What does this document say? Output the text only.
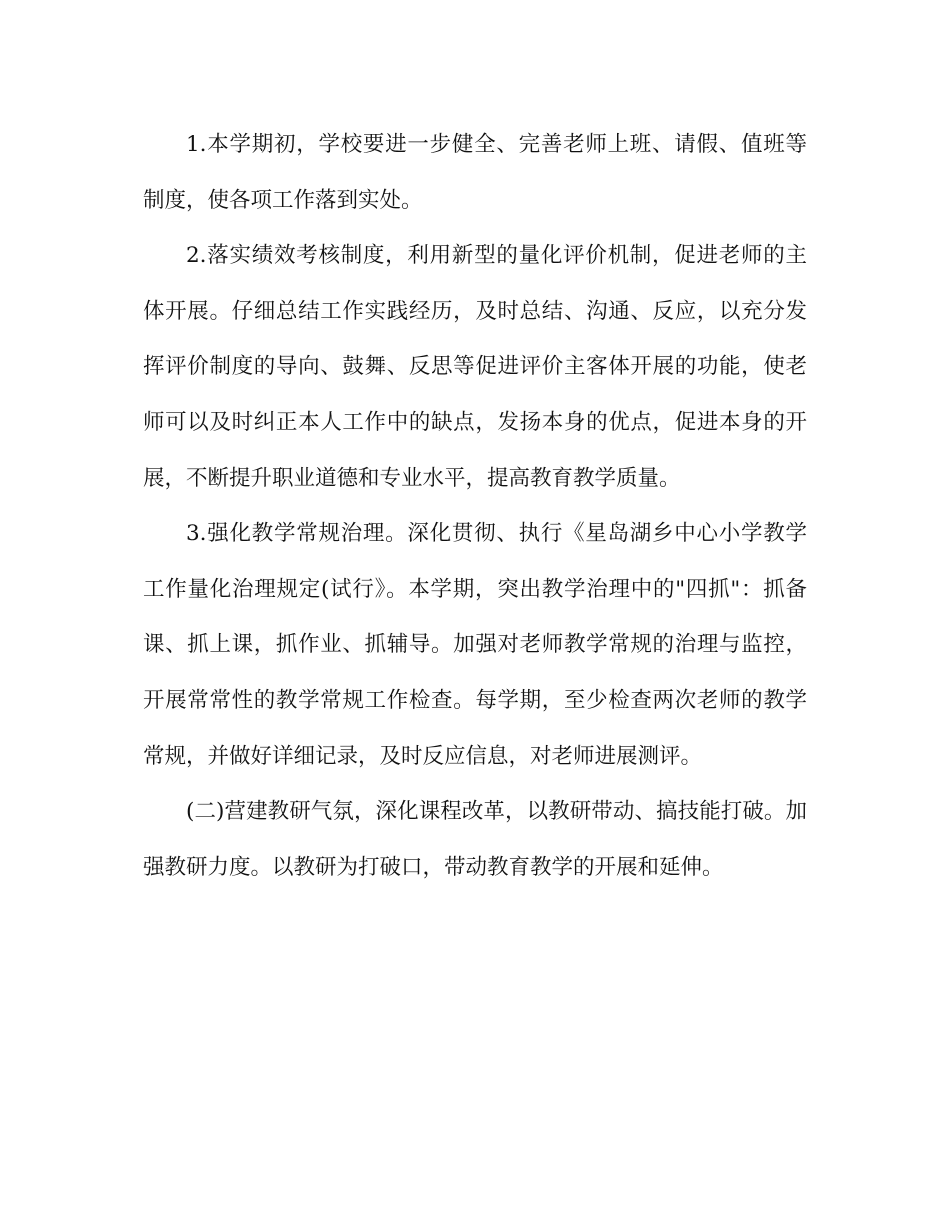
1.本学期初，学校要进一步健全、完善老师上班、请假、值班等制度，使各项工作落到实处。

2.落实绩效考核制度，利用新型的量化评价机制，促进老师的主体开展。仔细总结工作实践经历，及时总结、沟通、反应，以充分发挥评价制度的导向、鼓舞、反思等促进评价主客体开展的功能，使老师可以及时纠正本人工作中的缺点，发扬本身的优点，促进本身的开展，不断提升职业道德和专业水平，提高教育教学质量。

3.强化教学常规治理。深化贯彻、执行《星岛湖乡中心小学教学工作量化治理规定(试行》。本学期，突出教学治理中的"四抓"：抓备课、抓上课，抓作业、抓辅导。加强对老师教学常规的治理与监控，开展常常性的教学常规工作检查。每学期，至少检查两次老师的教学常规，并做好详细记录，及时反应信息，对老师进展测评。

(二)营建教研气氛，深化课程改革，以教研带动、搞技能打破。加强教研力度。以教研为打破口，带动教育教学的开展和延伸。
